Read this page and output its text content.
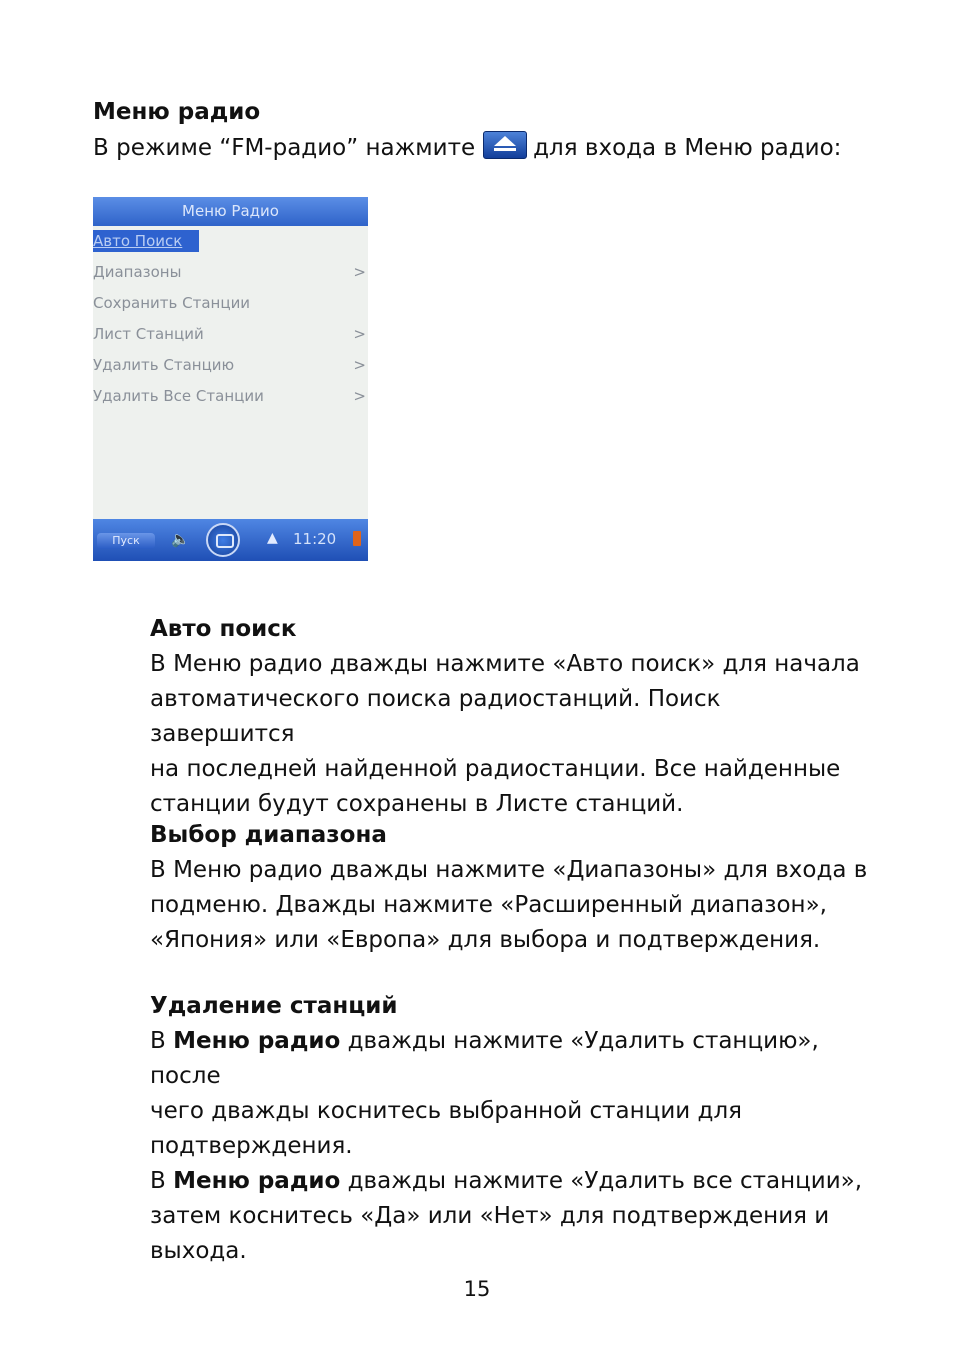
Меню радио
В режиме “FM-радио” нажмите	для входа в Меню радио:
Меню Радио
Авто Поиск
Диапазоны	>
Сохранить Станции
Лист Станций	>
Удалить Станцию	>
Удалить Все Станции	>
Пуск	🔈	▲ 11:20
Авто поиск

В Меню радио дважды нажмите «Авто поиск» для начала

автоматического поиска радиостанций. Поиск завершится

на последней найденной радиостанции. Все найденные

станции будут сохранены в Листе станций.

Выбор диапазона

В Меню радио дважды нажмите «Диапазоны» для входа в

подменю. Дважды нажмите «Расширенный диапазон»,

«Япония» или «Европа» для выбора и подтверждения.

Удаление станций

В Меню радио дважды нажмите «Удалить станцию», после

чего дважды коснитесь выбранной станции для

подтверждения.

В Меню радио дважды нажмите «Удалить все станции»,

затем коснитесь «Да» или «Нет» для подтверждения и

выхода.

15
